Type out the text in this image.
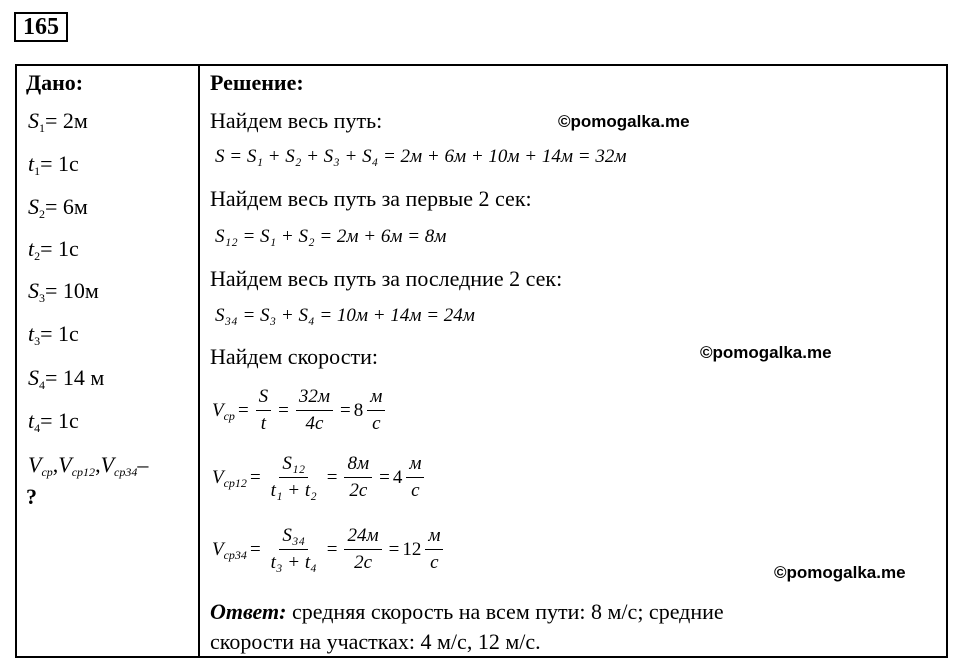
165
Дано:
$S_1= 2м$
$t_1= 1с$
$S_2= 6м$
$t_2= 1с$
$S_3= 10м$
$t_3= 1с$
$S_4= 14$ м
$t_4= 1с$
$V_{ср},V_{ср12},V_{ср34}-$
?
Решение:
Найдем весь путь:	©pomogalka.me
S = S₁ + S₂ + S₃ + S₄ = 2м + 6м + 10м + 14м = 32м
Найдем весь путь за первые 2 сек:
S₁₂ = S₁ + S₂ = 2м + 6м = 8м
Найдем весь путь за последние 2 сек:
S₃₄ = S₃ + S₄ = 10м + 14м = 24м
Найдем скорости:	©pomogalka.me
$V_{ср} = \frac{S}{t} = \frac{32м}{4с} = 8 \frac{м}{с}$
$V_{ср12} = \frac{\text{S₁₂}}{\text{t₁ + t₂}} = \frac{8м}{2с} = 4 \frac{м}{с}$
$V_{ср34} = \frac{\text{S₃₄}}{\text{t₃ + t₄}} = \frac{24м}{2с} = 12 \frac{м}{с}$	©pomogalka.me
Ответ: средняя скорость на всем пути: 8 м/с; средние
скорости на участках: 4 м/с, 12 м/с.
